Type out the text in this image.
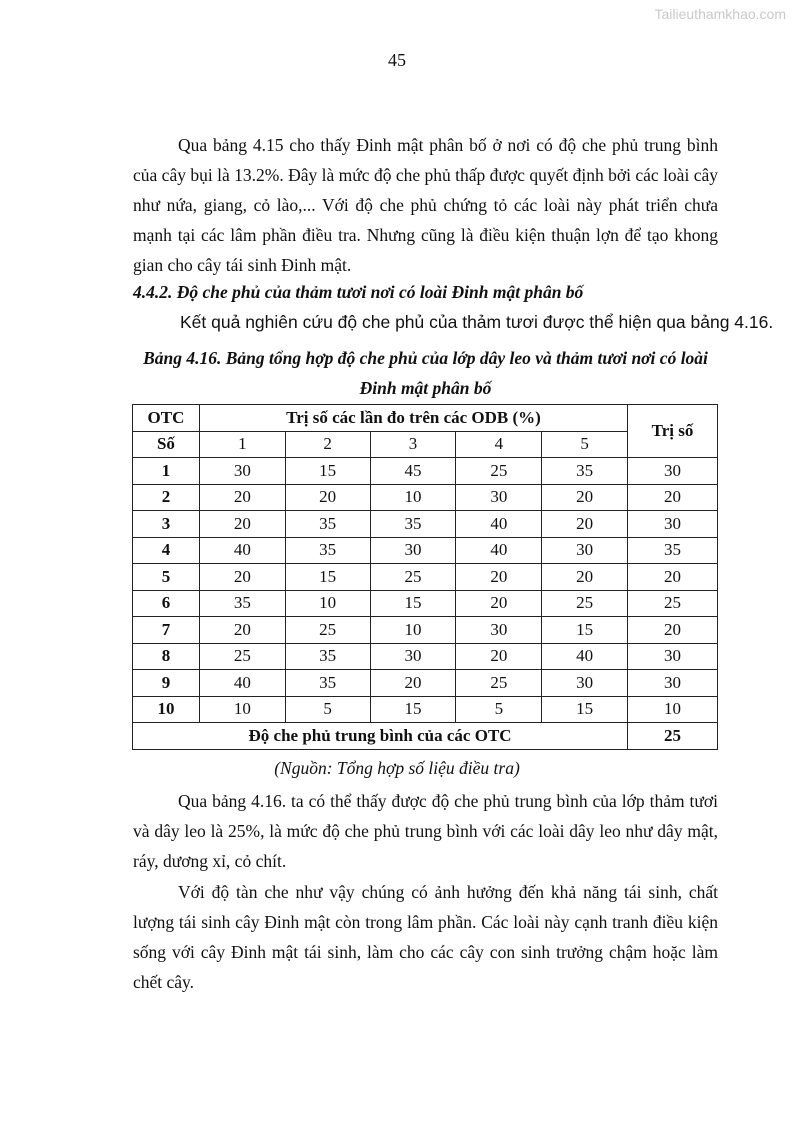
Tailieuthamkhao.com
45
Qua bảng 4.15 cho thấy Đinh mật phân bố ở nơi có độ che phủ trung bình của cây bụi là 13.2%. Đây là mức độ che phủ thấp được quyết định bởi các loài cây như nứa, giang, cỏ lào,... Với độ che phủ chứng tỏ các loài này phát triển chưa mạnh tại các lâm phần điều tra. Nhưng cũng là điều kiện thuận lợn để tạo khong gian cho cây tái sinh Đinh mật.
4.4.2. Độ che phủ của thảm tươi nơi có loài Đinh mật phân bố
Kết quả nghiên cứu độ che phủ của thảm tươi được thể hiện qua bảng 4.16.
Bảng 4.16. Bảng tổng hợp độ che phủ của lớp dây leo và thảm tươi nơi có loài Đinh mật phân bố
OTC	Trị số các lần đo trên các ODB (%)					Trị số
Số	1	2	3	4	5	
1	30	15	45	25	35	30
2	20	20	10	30	20	20
3	20	35	35	40	20	30
4	40	35	30	40	30	35
5	20	15	25	20	20	20
6	35	10	15	20	25	25
7	20	25	10	30	15	20
8	25	35	30	20	40	30
9	40	35	20	25	30	30
10	10	5	15	5	15	10
Độ che phủ trung bình của các OTC						25
(Nguồn: Tổng hợp số liệu điều tra)
Qua bảng 4.16. ta có thể thấy được độ che phủ trung bình của lớp thảm tươi và dây leo là 25%, là mức độ che phủ trung bình với các loài dây leo như dây mật, ráy, dương xỉ, cỏ chít.
Với độ tàn che như vậy chúng có ảnh hưởng đến khả năng tái sinh, chất lượng tái sinh cây Đinh mật còn trong lâm phần. Các loài này cạnh tranh điều kiện sống với cây Đinh mật tái sinh, làm cho các cây con sinh trưởng chậm hoặc làm chết cây.
